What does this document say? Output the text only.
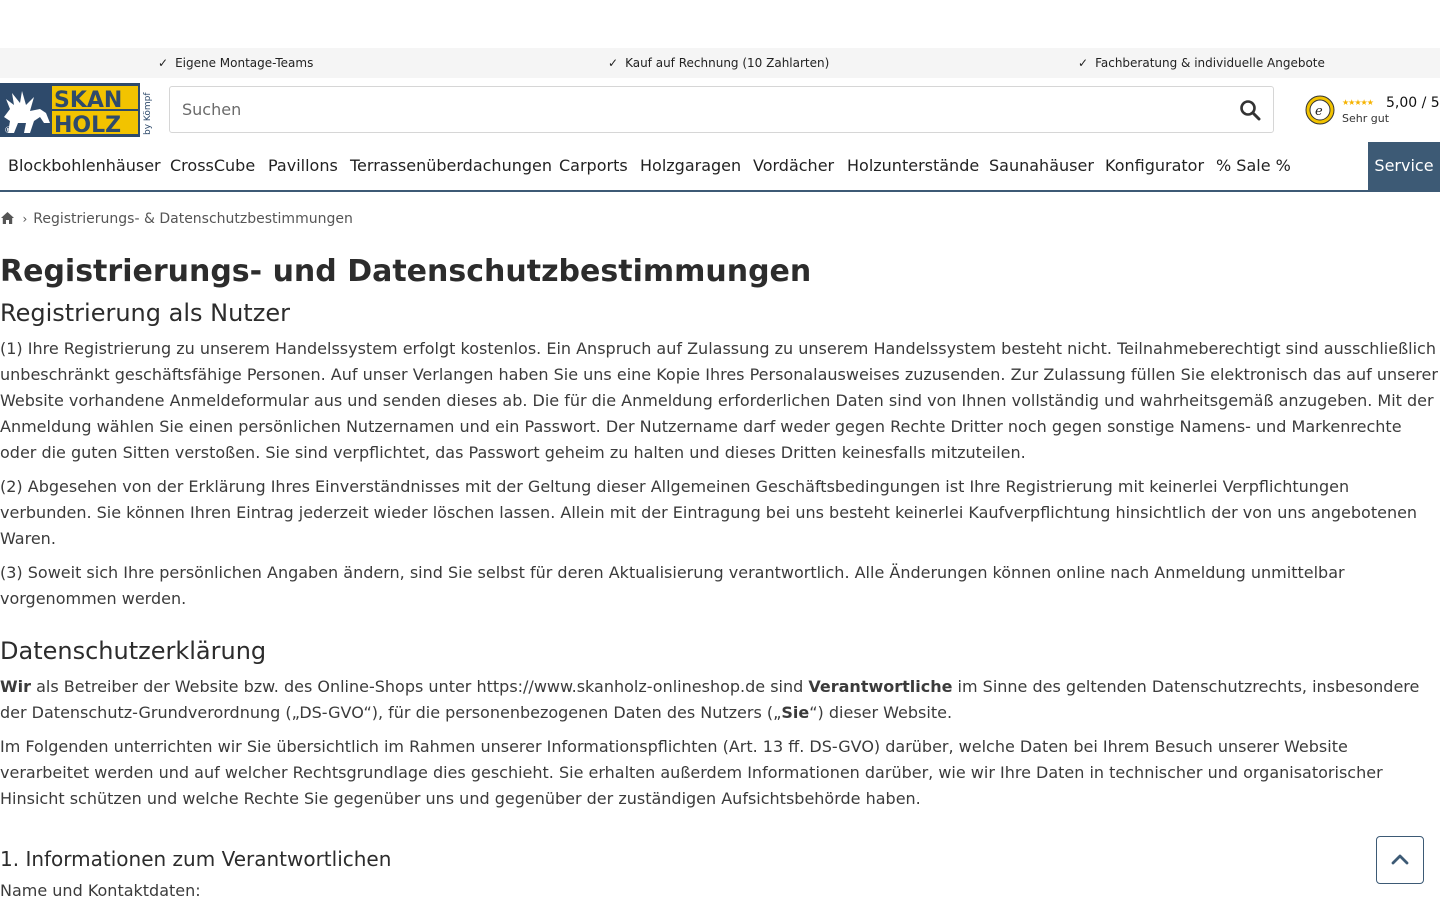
✓ Eigene Montage-Teams	✓ Kauf auf Rechnung (10 Zahlarten)	✓ Fachberatung & individuelle Angebote
®
SKAN
HOLZ by Kömpf
Suchen	e
★★★★★ 5,00 / 5
Sehr gut
Blockbohlenhäuser CrossCube Pavillons Terrassenüberdachungen Carports Holzgaragen Vordächer Holzunterstände Saunahäuser Konfigurator % Sale %	Service
› Registrierungs- & Datenschutzbestimmungen
Registrierungs- und Datenschutzbestimmungen
Registrierung als Nutzer

(1) Ihre Registrierung zu unserem Handelssystem erfolgt kostenlos. Ein Anspruch auf Zulassung zu unserem Handelssystem besteht nicht. Teilnahmeberechtigt sind ausschließlich unbeschränkt geschäftsfähige Personen. Auf unser Verlangen haben Sie uns eine Kopie Ihres Personalausweises zuzusenden. Zur Zulassung füllen Sie elektronisch das auf unserer Website vorhandene Anmeldeformular aus und senden dieses ab. Die für die Anmeldung erforderlichen Daten sind von Ihnen vollständig und wahrheitsgemäß anzugeben. Mit der Anmeldung wählen Sie einen persönlichen Nutzernamen und ein Passwort. Der Nutzername darf weder gegen Rechte Dritter noch gegen sonstige Namens- und Markenrechte oder die guten Sitten verstoßen. Sie sind verpflichtet, das Passwort geheim zu halten und dieses Dritten keinesfalls mitzuteilen.

(2) Abgesehen von der Erklärung Ihres Einverständnisses mit der Geltung dieser Allgemeinen Geschäftsbedingungen ist Ihre Registrierung mit keinerlei Verpflichtungen verbunden. Sie können Ihren Eintrag jederzeit wieder löschen lassen. Allein mit der Eintragung bei uns besteht keinerlei Kaufverpflichtung hinsichtlich der von uns angebotenen Waren.

(3) Soweit sich Ihre persönlichen Angaben ändern, sind Sie selbst für deren Aktualisierung verantwortlich. Alle Änderungen können online nach Anmeldung unmittelbar vorgenommen werden.

Datenschutzerklärung

Wir als Betreiber der Website bzw. des Online-Shops unter https://www.skanholz-onlineshop.de sind Verantwortliche im Sinne des geltenden Datenschutzrechts, insbesondere der Datenschutz-Grundverordnung („DS-GVO“), für die personenbezogenen Daten des Nutzers („Sie“) dieser Website.

Im Folgenden unterrichten wir Sie übersichtlich im Rahmen unserer Informationspflichten (Art. 13 ff. DS-GVO) darüber, welche Daten bei Ihrem Besuch unserer Website verarbeitet werden und auf welcher Rechtsgrundlage dies geschieht. Sie erhalten außerdem Informationen darüber, wie wir Ihre Daten in technischer und organisatorischer Hinsicht schützen und welche Rechte Sie gegenüber uns und gegenüber der zuständigen Aufsichtsbehörde haben.

1. Informationen zum Verantwortlichen

Name und Kontaktdaten:
